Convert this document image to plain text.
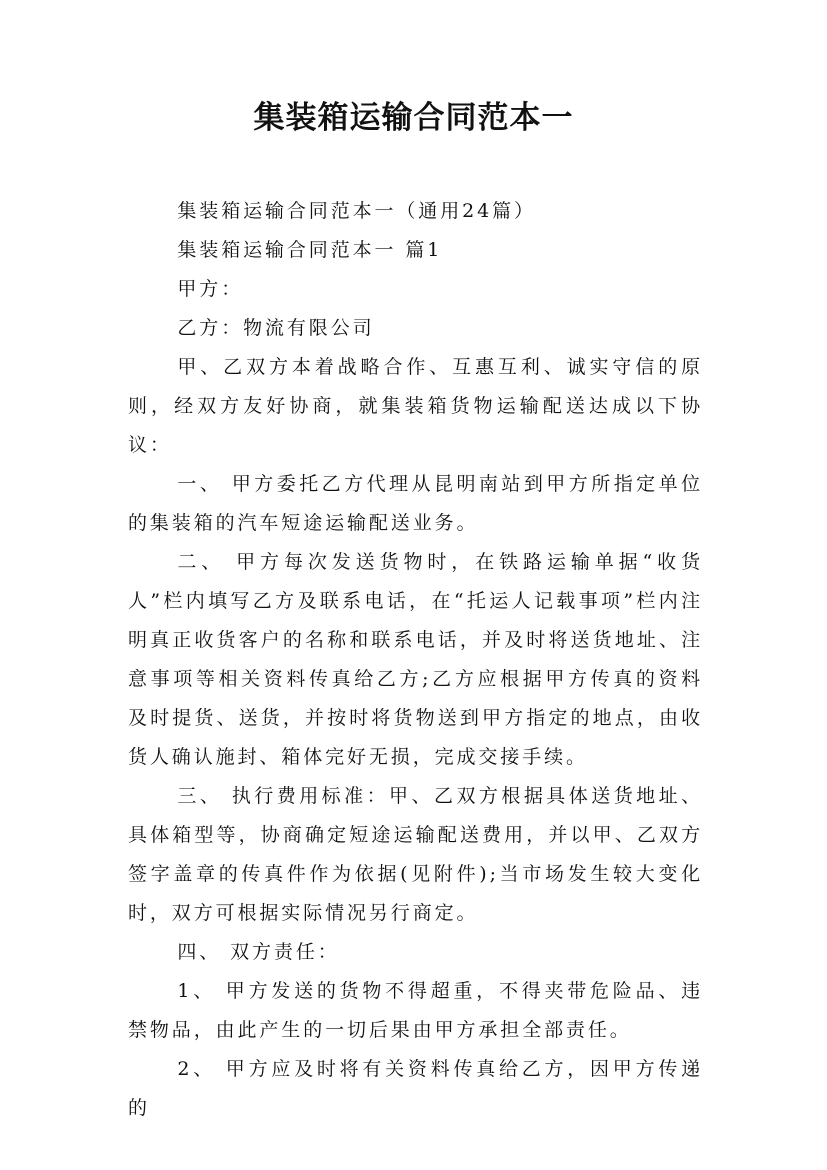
集装箱运输合同范本一

集装箱运输合同范本一（通用24篇）

集装箱运输合同范本一 篇1

甲方：

乙方：物流有限公司

甲、乙双方本着战略合作、互惠互利、诚实守信的原则，经双方友好协商，就集装箱货物运输配送达成以下协议：

一、 甲方委托乙方代理从昆明南站到甲方所指定单位的集装箱的汽车短途运输配送业务。

二、 甲方每次发送货物时，在铁路运输单据“收货人”栏内填写乙方及联系电话，在“托运人记载事项”栏内注明真正收货客户的名称和联系电话，并及时将送货地址、注意事项等相关资料传真给乙方;乙方应根据甲方传真的资料及时提货、送货，并按时将货物送到甲方指定的地点，由收货人确认施封、箱体完好无损，完成交接手续。

三、 执行费用标准：甲、乙双方根据具体送货地址、具体箱型等，协商确定短途运输配送费用，并以甲、乙双方签字盖章的传真件作为依据(见附件);当市场发生较大变化时，双方可根据实际情况另行商定。

四、 双方责任：

1、 甲方发送的货物不得超重，不得夹带危险品、违禁物品，由此产生的一切后果由甲方承担全部责任。

2、 甲方应及时将有关资料传真给乙方，因甲方传递的
